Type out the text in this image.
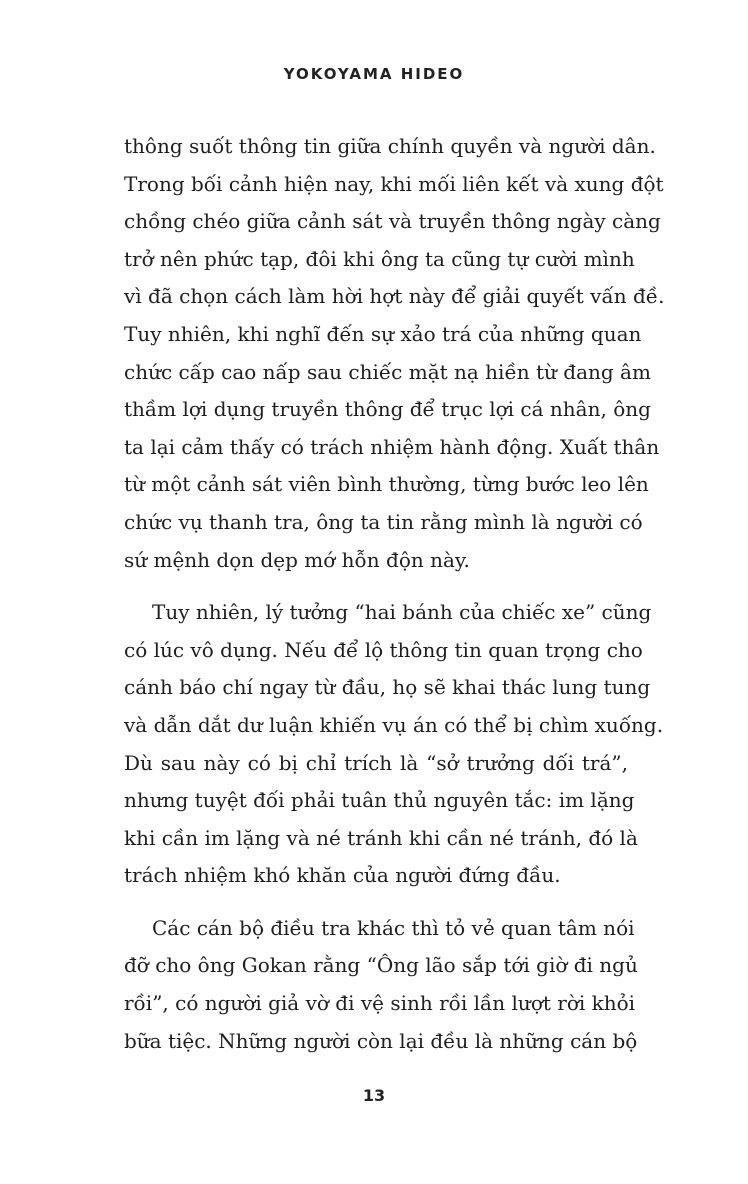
YOKOYAMA HIDEO

thông suốt thông tin giữa chính quyền và người dân.
Trong bối cảnh hiện nay, khi mối liên kết và xung đột
chồng chéo giữa cảnh sát và truyền thông ngày càng
trở nên phức tạp, đôi khi ông ta cũng tự cười mình
vì đã chọn cách làm hời hợt này để giải quyết vấn đề.
Tuy nhiên, khi nghĩ đến sự xảo trá của những quan
chức cấp cao nấp sau chiếc mặt nạ hiền từ đang âm
thầm lợi dụng truyền thông để trục lợi cá nhân, ông
ta lại cảm thấy có trách nhiệm hành động. Xuất thân
từ một cảnh sát viên bình thường, từng bước leo lên
chức vụ thanh tra, ông ta tin rằng mình là người có
sứ mệnh dọn dẹp mớ hỗn độn này.

Tuy nhiên, lý tưởng “hai bánh của chiếc xe” cũng
có lúc vô dụng. Nếu để lộ thông tin quan trọng cho
cánh báo chí ngay từ đầu, họ sẽ khai thác lung tung
và dẫn dắt dư luận khiến vụ án có thể bị chìm xuống.
Dù sau này có bị chỉ trích là “sở trưởng dối trá”,
nhưng tuyệt đối phải tuân thủ nguyên tắc: im lặng
khi cần im lặng và né tránh khi cần né tránh, đó là
trách nhiệm khó khăn của người đứng đầu.

Các cán bộ điều tra khác thì tỏ vẻ quan tâm nói
đỡ cho ông Gokan rằng “Ông lão sắp tới giờ đi ngủ
rồi”, có người giả vờ đi vệ sinh rồi lần lượt rời khỏi
bữa tiệc. Những người còn lại đều là những cán bộ

13
